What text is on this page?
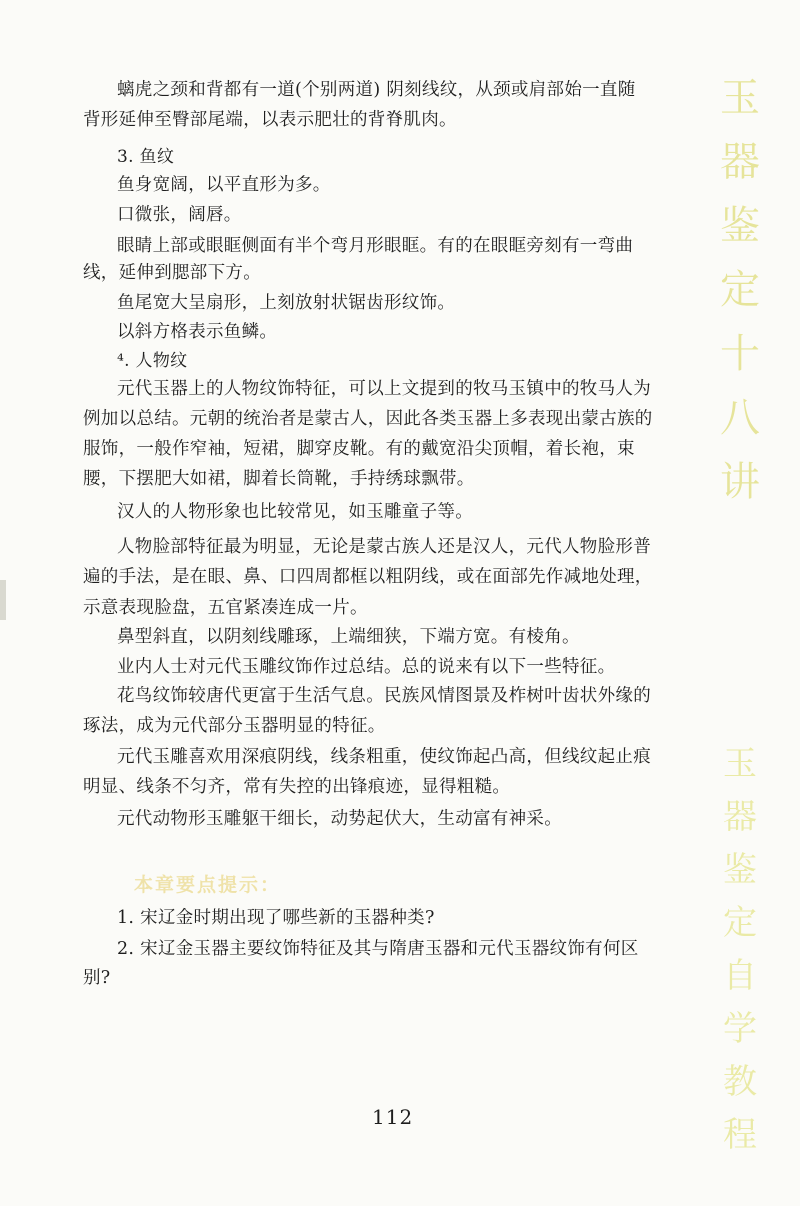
螭虎之颈和背都有一道(个别两道) 阴刻线纹，从颈或肩部始一直随
背形延伸至臀部尾端，以表示肥壮的背脊肌肉。
3. 鱼纹
鱼身宽阔，以平直形为多。
口微张，阔唇。
眼睛上部或眼眶侧面有半个弯月形眼眶。有的在眼眶旁刻有一弯曲
线，延伸到腮部下方。
鱼尾宽大呈扇形，上刻放射状锯齿形纹饰。
以斜方格表示鱼鳞。
⁴. 人物纹
元代玉器上的人物纹饰特征，可以上文提到的牧马玉镇中的牧马人为
例加以总结。元朝的统治者是蒙古人，因此各类玉器上多表现出蒙古族的
服饰，一般作窄袖，短裙，脚穿皮靴。有的戴宽沿尖顶帽，着长袍，束
腰，下摆肥大如裙，脚着长筒靴，手持绣球飘带。
汉人的人物形象也比较常见，如玉雕童子等。
人物脸部特征最为明显，无论是蒙古族人还是汉人，元代人物脸形普
遍的手法，是在眼、鼻、口四周都框以粗阴线，或在面部先作减地处理，
示意表现脸盘，五官紧凑连成一片。
鼻型斜直，以阴刻线雕琢，上端细狭，下端方宽。有棱角。
业内人士对元代玉雕纹饰作过总结。总的说来有以下一些特征。
花鸟纹饰较唐代更富于生活气息。民族风情图景及柞树叶齿状外缘的
琢法，成为元代部分玉器明显的特征。
元代玉雕喜欢用深痕阴线，线条粗重，使纹饰起凸高，但线纹起止痕
明显、线条不匀齐，常有失控的出锋痕迹，显得粗糙。
元代动物形玉雕躯干细长，动势起伏大，生动富有神采。
本章要点提示：
1. 宋辽金时期出现了哪些新的玉器种类?
2. 宋辽金玉器主要纹饰特征及其与隋唐玉器和元代玉器纹饰有何区
别?
玉
器
鉴
定
十
八
讲
玉
器
鉴
定
自
学
教
程
112
